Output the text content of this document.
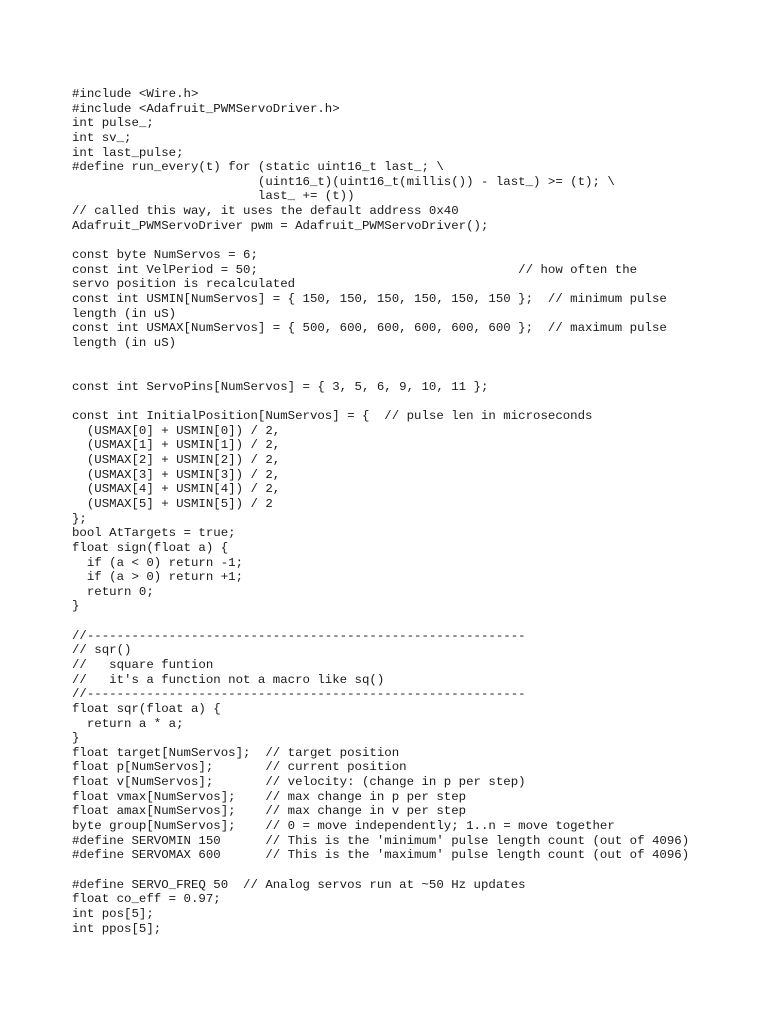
#include <Wire.h>
#include <Adafruit_PWMServoDriver.h>
int pulse_;
int sv_;
int last_pulse;
#define run_every(t) for (static uint16_t last_; \
(uint16_t)(uint16_t(millis()) - last_) >= (t); \
last_ += (t))
// called this way, it uses the default address 0x40
Adafruit_PWMServoDriver pwm = Adafruit_PWMServoDriver();
const byte NumServos = 6;
const int VelPeriod = 50;                                   // how often the
servo position is recalculated
const int USMIN[NumServos] = { 150, 150, 150, 150, 150, 150 };  // minimum pulse
length (in uS)
const int USMAX[NumServos] = { 500, 600, 600, 600, 600, 600 };  // maximum pulse
length (in uS)
const int ServoPins[NumServos] = { 3, 5, 6, 9, 10, 11 };
const int InitialPosition[NumServos] = {  // pulse len in microseconds
(USMAX[0] + USMIN[0]) / 2,
(USMAX[1] + USMIN[1]) / 2,
(USMAX[2] + USMIN[2]) / 2,
(USMAX[3] + USMIN[3]) / 2,
(USMAX[4] + USMIN[4]) / 2,
(USMAX[5] + USMIN[5]) / 2
};
bool AtTargets = true;
float sign(float a) {
if (a < 0) return -1;
if (a > 0) return +1;
return 0;
}
//-----------------------------------------------------------
// sqr()
//   square funtion
//   it's a function not a macro like sq()
//-----------------------------------------------------------
float sqr(float a) {
return a * a;
}
float target[NumServos];  // target position
float p[NumServos];       // current position
float v[NumServos];       // velocity: (change in p per step)
float vmax[NumServos];    // max change in p per step
float amax[NumServos];    // max change in v per step
byte group[NumServos];    // 0 = move independently; 1..n = move together
#define SERVOMIN 150      // This is the 'minimum' pulse length count (out of 4096)
#define SERVOMAX 600      // This is the 'maximum' pulse length count (out of 4096)
#define SERVO_FREQ 50  // Analog servos run at ~50 Hz updates
float co_eff = 0.97;
int pos[5];
int ppos[5];
